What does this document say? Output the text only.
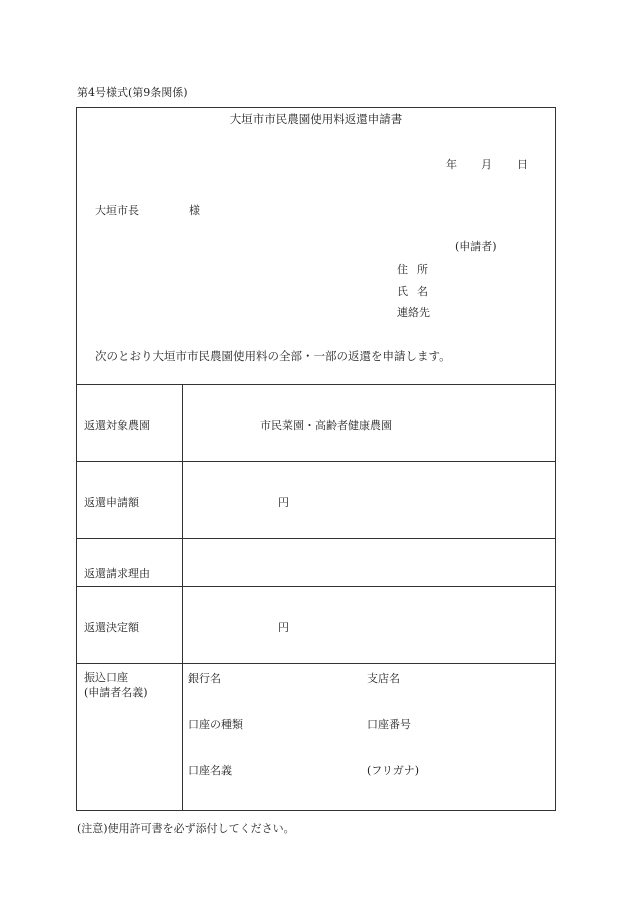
第4号様式(第9条関係)
大垣市市民農園使用料返還申請書
年 月 日
大垣市長	様
(申請者)
住所
氏名
連絡先
次のとおり大垣市市民農園使用料の全部・一部の返還を申請します。
返還対象農園	市民菜園・高齢者健康農園
返還申請額	円
返還請求理由
返還決定額	円
振込口座
(申請者名義)
銀行名	支店名
口座の種類	口座番号
口座名義	(フリガナ)
(注意)使用許可書を必ず添付してください。
